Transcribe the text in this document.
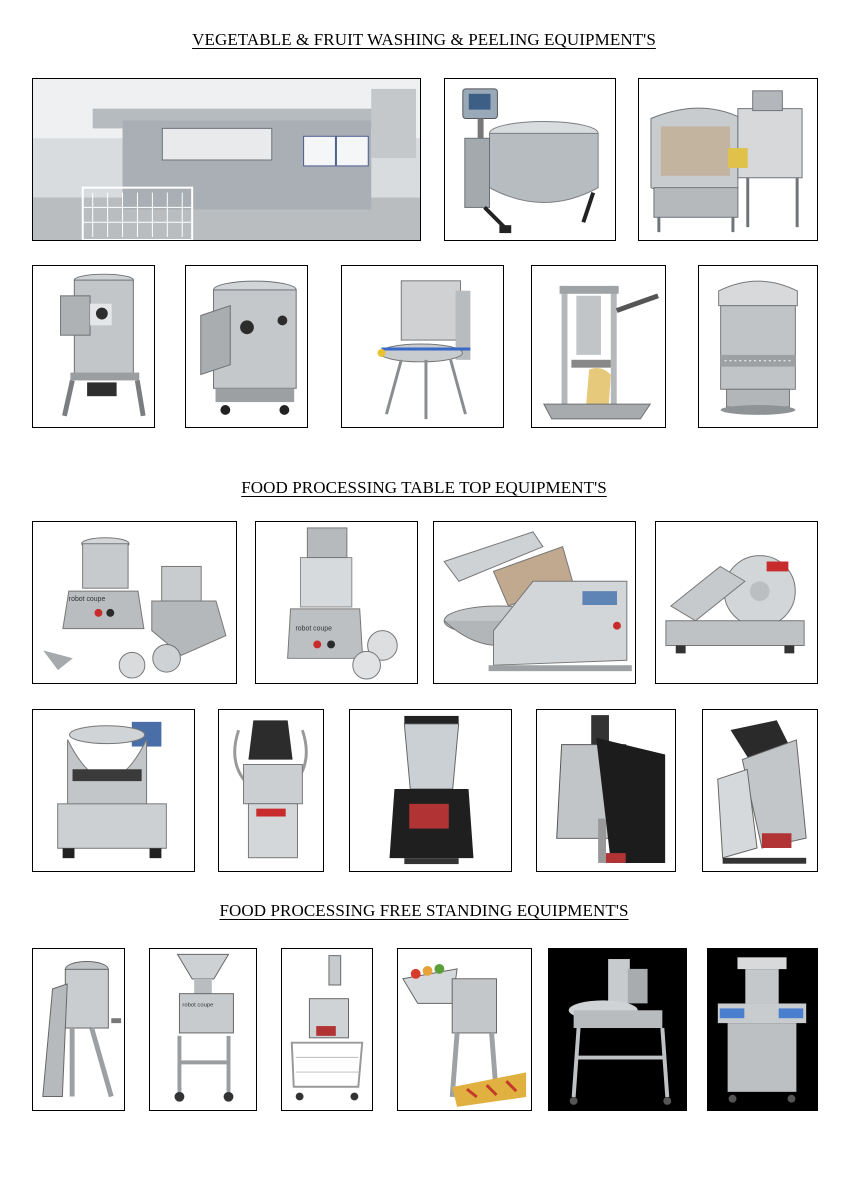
VEGETABLE & FRUIT WASHING & PEELING EQUIPMENT'S
FOOD PROCESSING TABLE TOP EQUIPMENT'S
robot coupe
robot coupe
FOOD PROCESSING FREE STANDING EQUIPMENT'S
robot coupe
